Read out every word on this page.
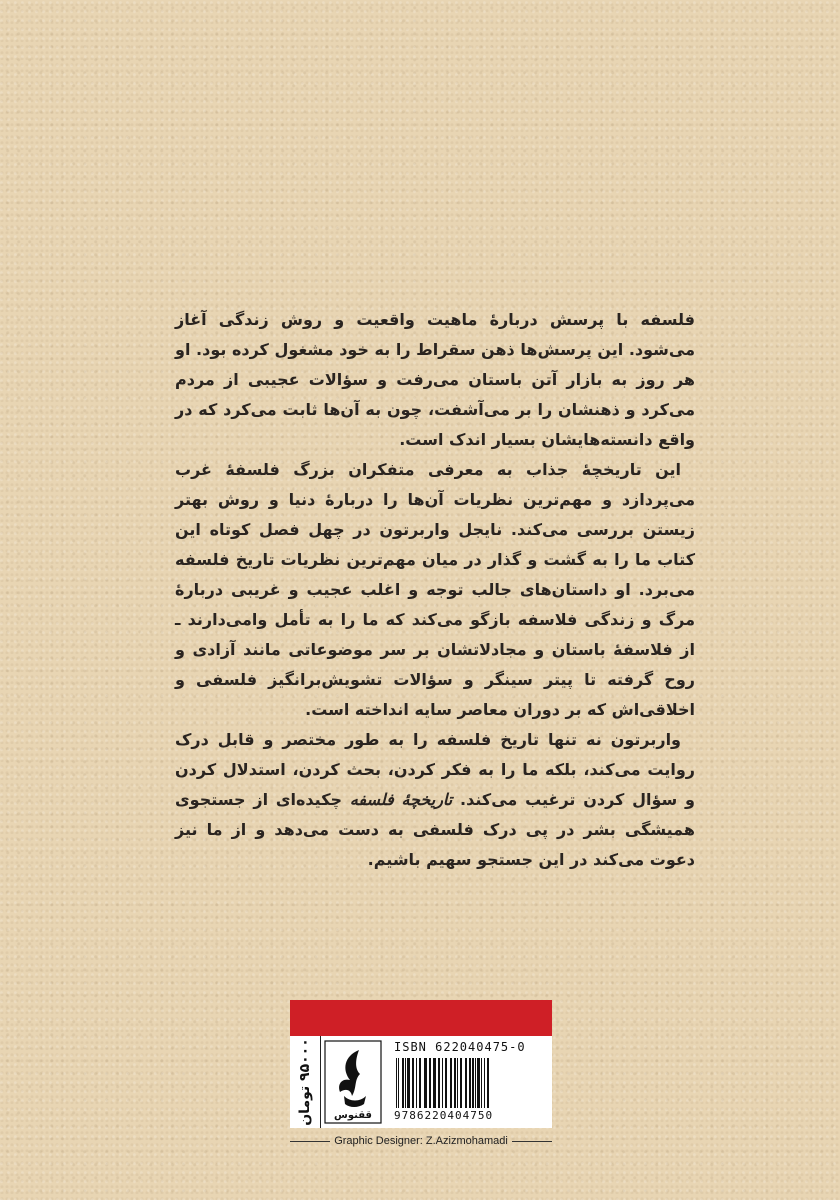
فلسفه با پرسش دربارهٔ ماهیت واقعیت و روش زندگی آغاز می‌شود. این پرسش‌ها ذهن سقراط را به خود مشغول کرده بود. او هر روز به بازار آتن باستان می‌رفت و سؤالات عجیبی از مردم می‌کرد و ذهنشان را بر می‌آشفت، چون به آن‌ها ثابت می‌کرد که در واقع دانسته‌هایشان بسیار اندک است.

این تاریخچهٔ جذاب به معرفی متفکران بزرگ فلسفهٔ غرب می‌پردازد و مهم‌ترین نظریات آن‌ها را دربارهٔ دنیا و روش بهتر زیستن بررسی می‌کند. نایجل واربرتون در چهل فصل کوتاه این کتاب ما را به گشت و گذار در میان مهم‌ترین نظریات تاریخ فلسفه می‌برد. او داستان‌های جالب توجه و اغلب عجیب و غریبی دربارهٔ مرگ و زندگی فلاسفه بازگو می‌کند که ما را به تأمل وامی‌دارند ـ از فلاسفهٔ باستان و مجادلاتشان بر سر موضوعاتی مانند آزادی و روح گرفته تا پیتر سینگر و سؤالات تشویش‌برانگیز فلسفی و اخلاقی‌اش که بر دوران معاصر سایه انداخته است.

واربرتون نه تنها تاریخ فلسفه را به طور مختصر و قابل درک روایت می‌کند، بلکه ما را به فکر کردن، بحث کردن، استدلال کردن و سؤال کردن ترغیب می‌کند. تاریخچهٔ فلسفه چکیده‌ای از جستجوی همیشگی بشر در پی درک فلسفی به دست می‌دهد و از ما نیز دعوت می‌کند در این جستجو سهیم باشیم.

۹۵۰۰۰ تومان
ققنوس
ISBN 622040475-0
9786220404750
Graphic Designer: Z.Azizmohamadi
